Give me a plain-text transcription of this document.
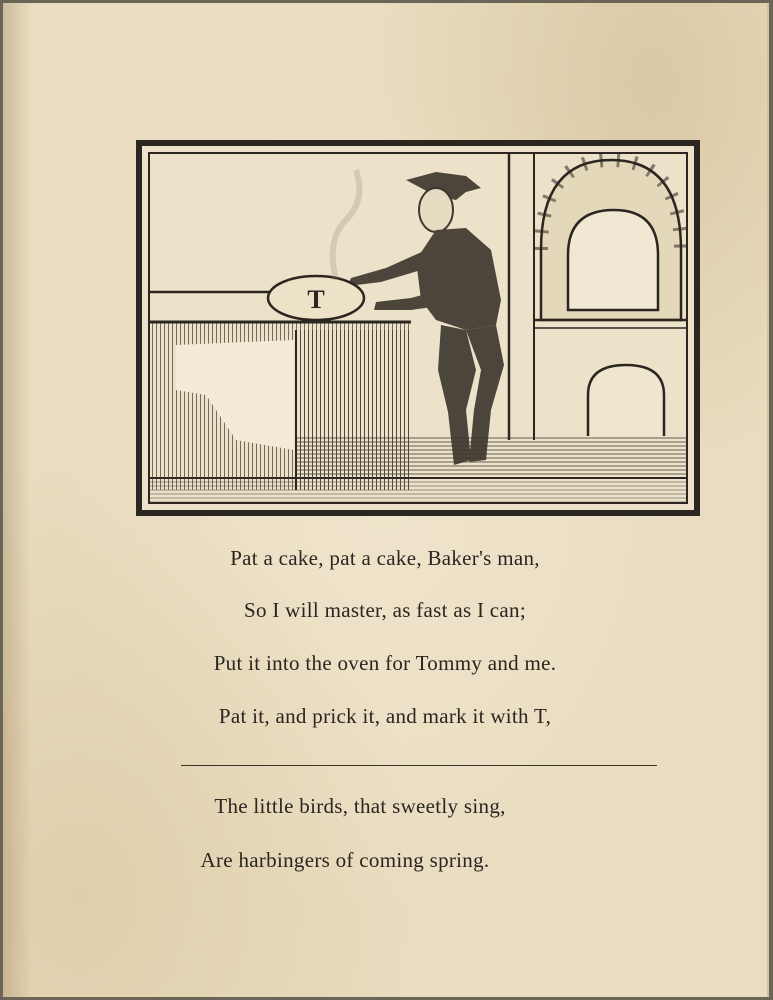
T
Pat a cake, pat a cake, Baker's man,
So I will master, as fast as I can;
Put it into the oven for Tommy and me.
Pat it, and prick it, and mark it with T,
The little birds, that sweetly sing,
Are harbingers of coming spring.
